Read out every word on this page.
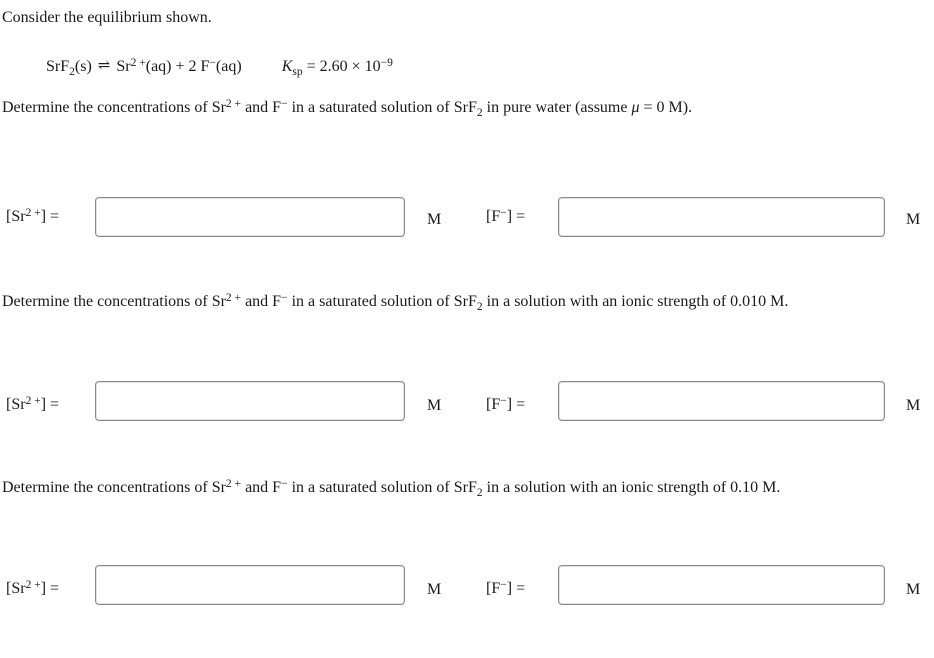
Consider the equilibrium shown.
SrF$_2$(s) ⇌ $Sr^{2 +}(aq) + 2$ F−(aq)	$K_{sp} = 2.60 \times 10^{-9}$
Determine the concentrations of $Sr^{2 +}$ and F− in a saturated solution of SrF$_2$ in pure water (assume μ = 0 M).
$[Sr^{2 +}]$ =	M	[F−] =	M
Determine the concentrations of $Sr^{2 +}$ and F− in a saturated solution of SrF$_2$ in a solution with an ionic strength of 0.010 M.
$[Sr^{2 +}]$ =	M	[F−] =	M
Determine the concentrations of $Sr^{2 +}$ and F− in a saturated solution of SrF$_2$ in a solution with an ionic strength of 0.10 M.
$[Sr^{2 +}]$ =	M	[F−] =	M
